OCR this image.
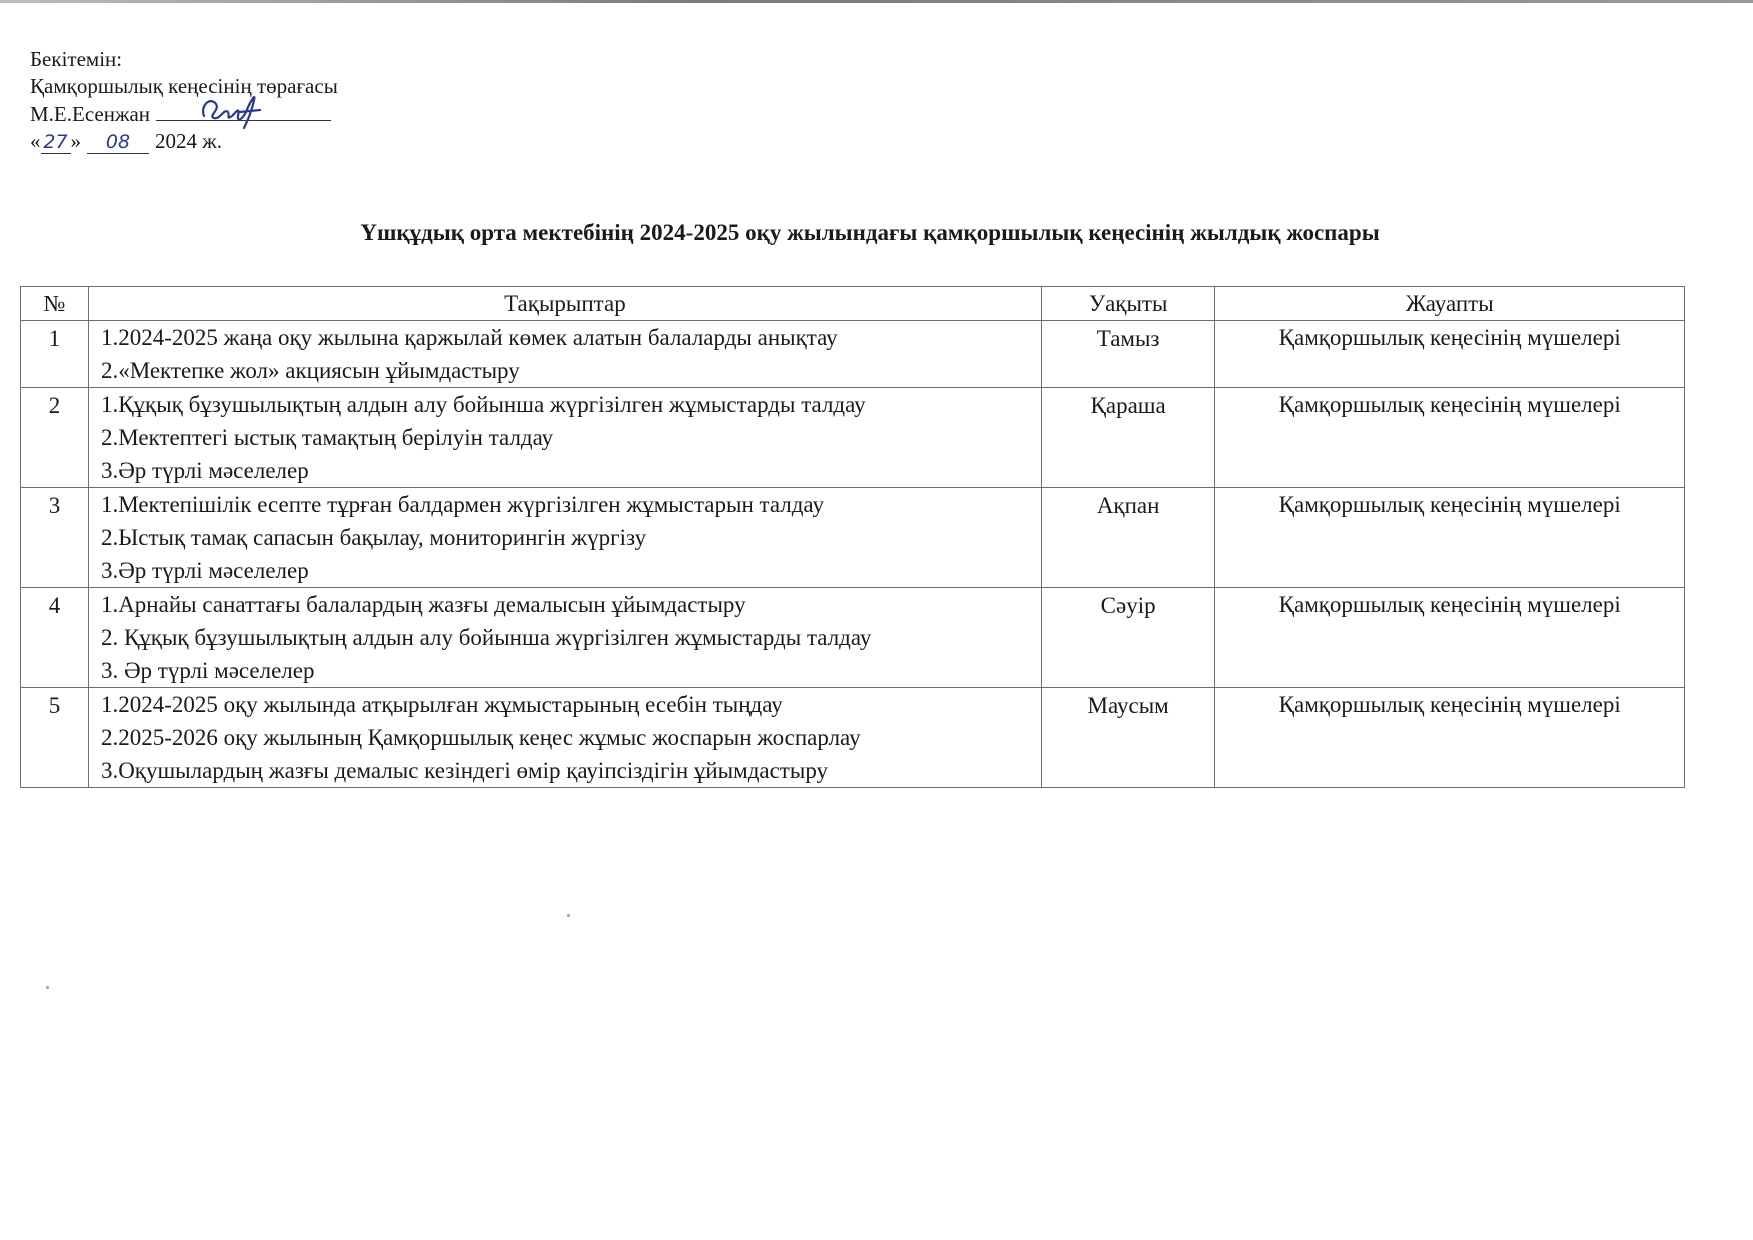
Бекітемін:
Қамқоршылық кеңесінің төрағасы
М.Е.Есенжан
« 27 » 08 2024 ж.
Үшқұдық орта мектебінің 2024-2025 оқу жылындағы қамқоршылық кеңесінің жылдық жоспары
№	Тақырыптар	Уақыты	Жауапты
1	1.2024-2025 жаңа оқу жылына қаржылай көмек алатын балаларды анықтау
2.«Мектепке жол» акциясын ұйымдастыру	Тамыз	Қамқоршылық кеңесінің мүшелері
2	1.Құқық бұзушылықтың алдын алу бойынша жүргізілген жұмыстарды талдау
2.Мектептегі ыстық тамақтың берілуін талдау
3.Әр түрлі мәселелер	Қараша	Қамқоршылық кеңесінің мүшелері
3	1.Мектепішілік есепте тұрған балдармен жүргізілген жұмыстарын талдау
2.Ыстық тамақ сапасын бақылау, мониторингін жүргізу
3.Әр түрлі мәселелер	Ақпан	Қамқоршылық кеңесінің мүшелері
4	1.Арнайы санаттағы балалардың жазғы демалысын ұйымдастыру
2. Құқық бұзушылықтың алдын алу бойынша жүргізілген жұмыстарды талдау
3. Әр түрлі мәселелер	Сәуір	Қамқоршылық кеңесінің мүшелері
5	1.2024-2025 оқу жылында атқырылған жұмыстарының есебін тыңдау
2.2025-2026 оқу жылының Қамқоршылық кеңес жұмыс жоспарын жоспарлау
3.Оқушылардың жазғы демалыс кезіндегі өмір қауіпсіздігін ұйымдастыру	Маусым	Қамқоршылық кеңесінің мүшелері
